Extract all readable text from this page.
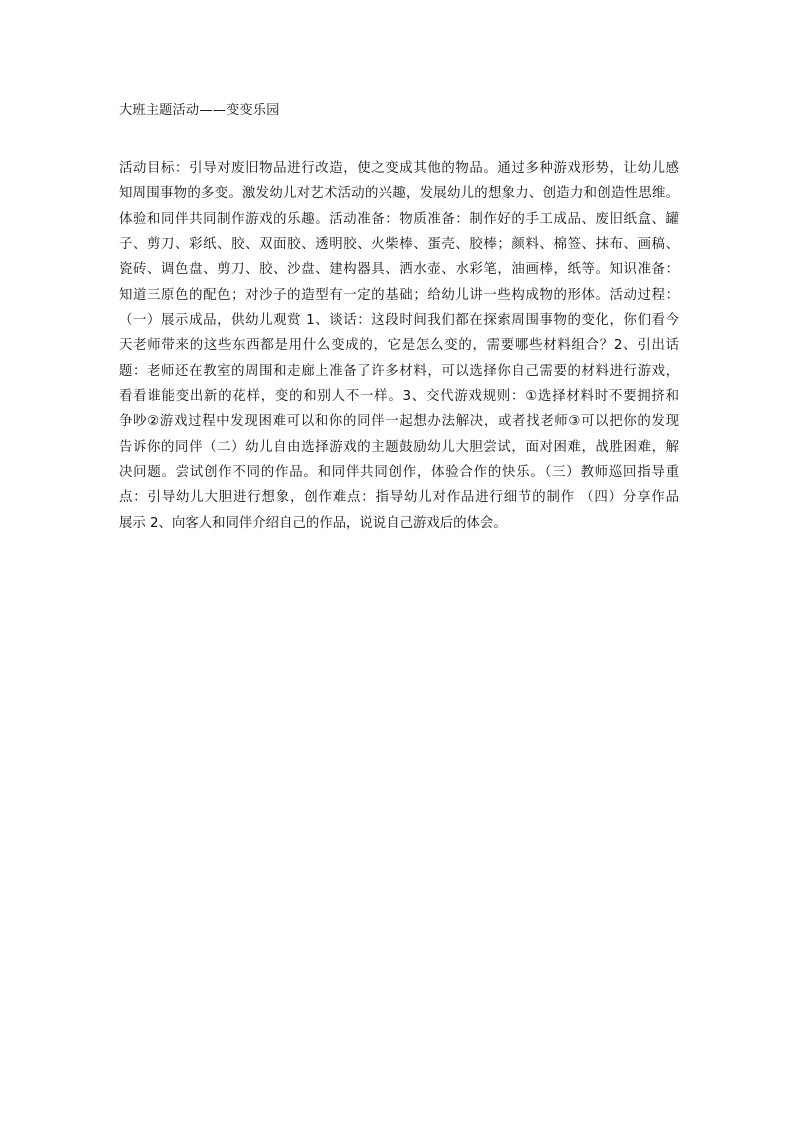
大班主题活动——变变乐园
活动目标：引导对废旧物品进行改造，使之变成其他的物品。通过多种游戏形势，让幼儿感
知周围事物的多变。激发幼儿对艺术活动的兴趣，发展幼儿的想象力、创造力和创造性思维。
体验和同伴共同制作游戏的乐趣。活动准备：物质准备：制作好的手工成品、废旧纸盒、罐
子、剪刀、彩纸、胶、双面胶、透明胶、火柴棒、蛋壳、胶棒；颜料、棉签、抹布、画稿、
瓷砖、调色盘、剪刀、胶、沙盘、建构器具、洒水壶、水彩笔，油画棒，纸等。知识准备：
知道三原色的配色；对沙子的造型有一定的基础；给幼儿讲一些构成物的形体。活动过程：
（一）展示成品，供幼儿观赏 1、谈话：这段时间我们都在探索周围事物的变化，你们看今
天老师带来的这些东西都是用什么变成的，它是怎么变的，需要哪些材料组合？2、引出话
题：老师还在教室的周围和走廊上准备了许多材料，可以选择你自己需要的材料进行游戏，
看看谁能变出新的花样，变的和别人不一样。3、交代游戏规则：①选择材料时不要拥挤和
争吵②游戏过程中发现困难可以和你的同伴一起想办法解决，或者找老师③可以把你的发现
告诉你的同伴（二）幼儿自由选择游戏的主题鼓励幼儿大胆尝试，面对困难，战胜困难，解
决问题。尝试创作不同的作品。和同伴共同创作，体验合作的快乐。（三）教师巡回指导重
点：引导幼儿大胆进行想象，创作难点：指导幼儿对作品进行细节的制作 （四）分享作品
展示 2、向客人和同伴介绍自己的作品，说说自己游戏后的体会。
